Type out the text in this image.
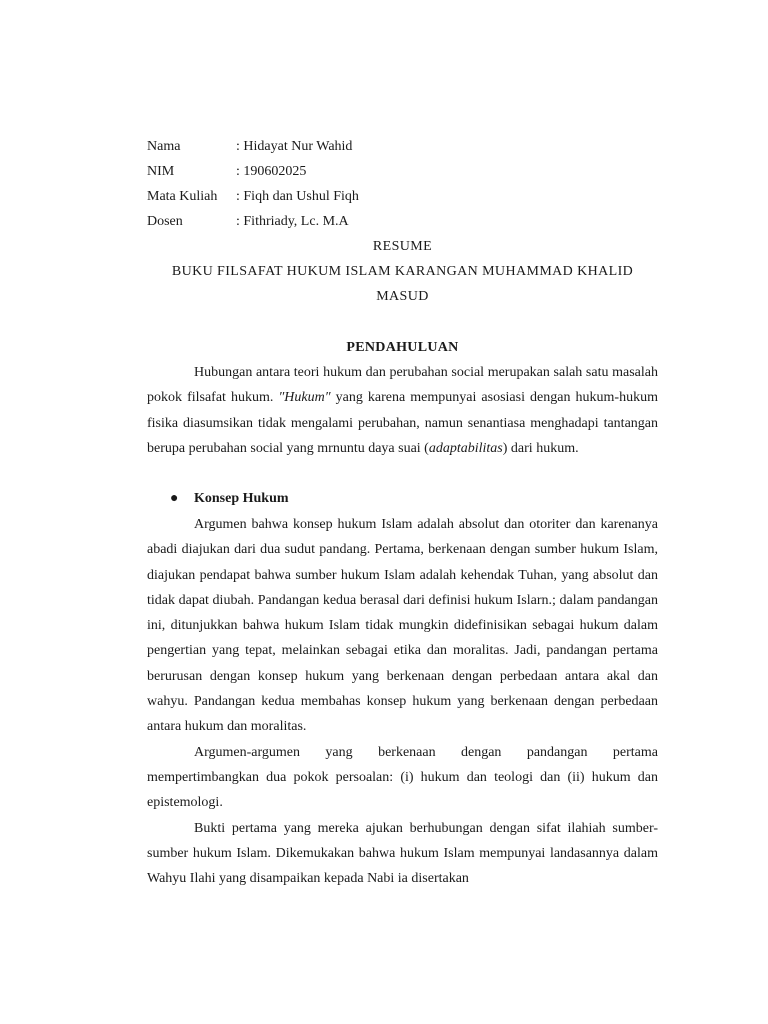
Nama	: Hidayat Nur Wahid
NIM	: 190602025
Mata Kuliah : Fiqh dan Ushul Fiqh
Dosen	: Fithriady, Lc. M.A
RESUME
BUKU FILSAFAT HUKUM ISLAM KARANGAN MUHAMMAD KHALID
MASUD
PENDAHULUAN

Hubungan antara teori hukum dan perubahan social merupakan salah satu masalah pokok filsafat hukum. ″Hukum″ yang karena mempunyai asosiasi dengan hukum-hukum fisika diasumsikan tidak mengalami perubahan, namun senantiasa menghadapi tantangan berupa perubahan social yang mrnuntu daya suai (adaptabilitas) dari hukum.

● Konsep Hukum

Argumen bahwa konsep hukum Islam adalah absolut dan otoriter dan karenanya abadi diajukan dari dua sudut pandang. Pertama, berkenaan dengan sumber hukum Islam, diajukan pendapat bahwa sumber hukum Islam adalah kehendak Tuhan, yang absolut dan tidak dapat diubah. Pandangan kedua berasal dari definisi hukum Islarn.; dalam pandangan ini, ditunjukkan bahwa hukum Islam tidak mungkin didefinisikan sebagai hukum dalam pengertian yang tepat, melainkan sebagai etika dan moralitas. Jadi, pandangan pertama berurusan dengan konsep hukum yang berkenaan dengan perbedaan antara akal dan wahyu. Pandangan kedua membahas konsep hukum yang berkenaan dengan perbedaan antara hukum dan moralitas.

Argumen-argumen yang berkenaan dengan pandangan pertama mempertimbangkan dua pokok persoalan: (i) hukum dan teologi dan (ii) hukum dan epistemologi.

Bukti pertama yang mereka ajukan berhubungan dengan sifat ilahiah sumber-sumber hukum Islam. Dikemukakan bahwa hukum Islam mempunyai landasannya dalam Wahyu Ilahi yang disampaikan kepada Nabi ia disertakan
